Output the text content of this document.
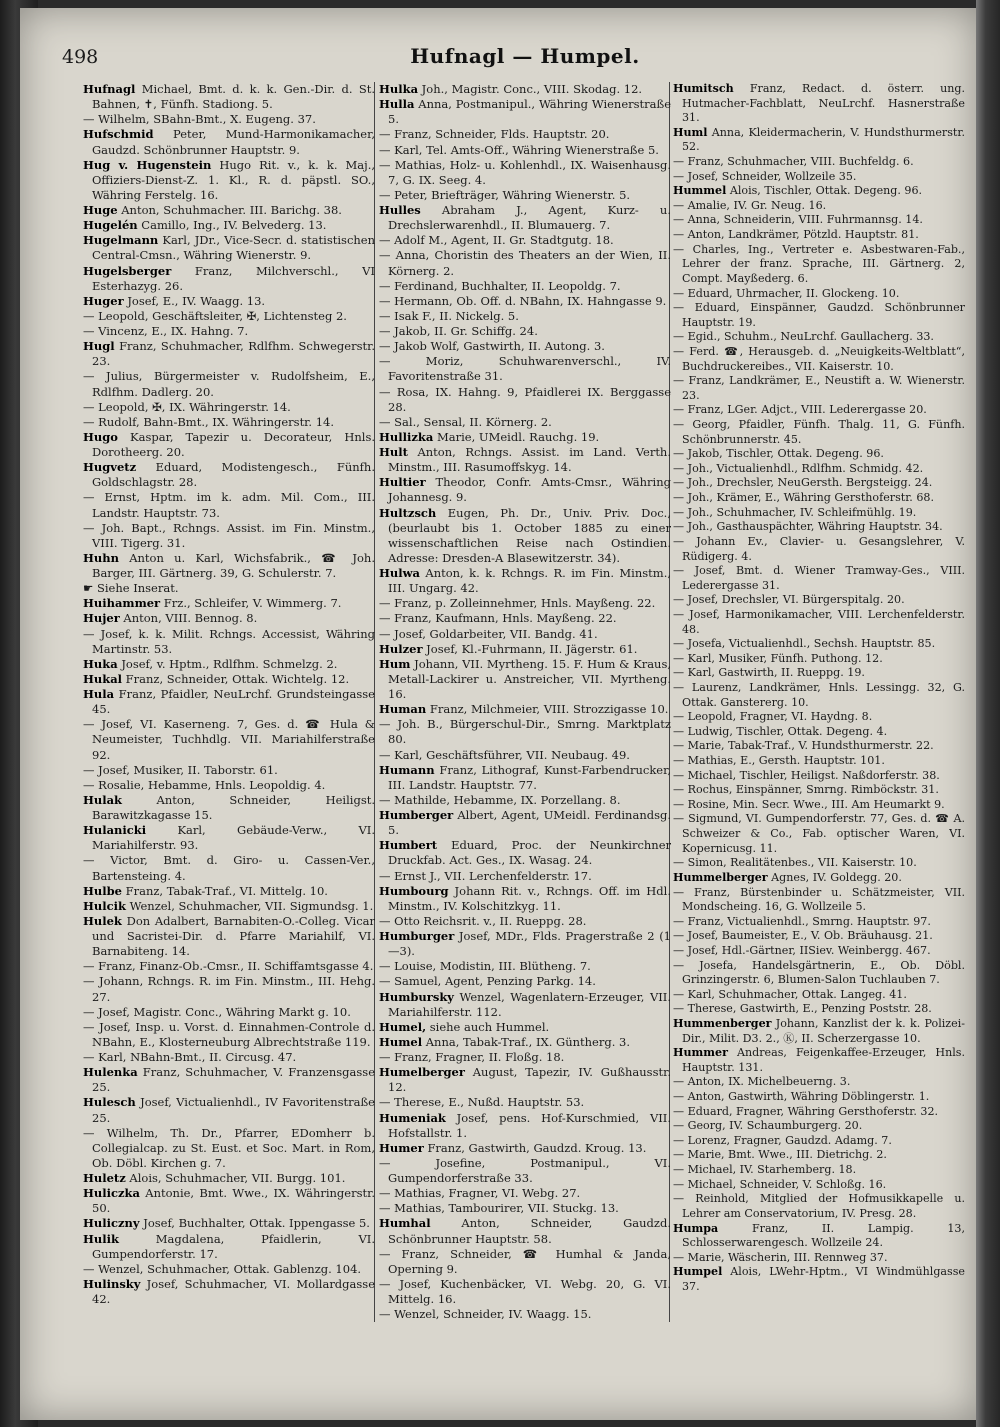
498	Hufnagl — Humpel.

Hufnagl Michael, Bmt. d. k. k. Gen.-Dir. d. St. Bahnen, ✝, Fünfh. Stadiong. 5.

— Wilhelm, SBahn-Bmt., X. Eugeng. 37.

Hufschmid Peter, Mund-Harmonikamacher, Gaudzd. Schönbrunner Hauptstr. 9.

Hug v. Hugenstein Hugo Rit. v., k. k. Maj., Offiziers-Dienst-Z. 1. Kl., R. d. päpstl. SO., Währing Ferstelg. 16.

Huge Anton, Schuhmacher. III. Barichg. 38.

Hugelén Camillo, Ing., IV. Belvederg. 13.

Hugelmann Karl, JDr., Vice-Secr. d. statistischen Central-Cmsn., Währing Wienerstr. 9.

Hugelsberger Franz, Milchverschl., VI Esterhazyg. 26.

Huger Josef, E., IV. Waagg. 13.

— Leopold, Geschäftsleiter, ✠, Lichtensteg 2.

— Vincenz, E., IX. Hahng. 7.

Hugl Franz, Schuhmacher, Rdlfhm. Schwegerstr. 23.

— Julius, Bürgermeister v. Rudolfsheim, E., Rdlfhm. Dadlerg. 20.

— Leopold, ✠, IX. Währingerstr. 14.

— Rudolf, Bahn-Bmt., IX. Währingerstr. 14.

Hugo Kaspar, Tapezir u. Decorateur, Hnls. Dorotheerg. 20.

Hugvetz Eduard, Modistengesch., Fünfh. Goldschlagstr. 28.

— Ernst, Hptm. im k. adm. Mil. Com., III. Landstr. Hauptstr. 73.

— Joh. Bapt., Rchngs. Assist. im Fin. Minstm., VIII. Tigerg. 31.

Huhn Anton u. Karl, Wichsfabrik., ☎ Joh. Barger, III. Gärtnerg. 39, G. Schulerstr. 7.

☛ Siehe Inserat.

Huihammer Frz., Schleifer, V. Wimmerg. 7.

Hujer Anton, VIII. Bennog. 8.

— Josef, k. k. Milit. Rchngs. Accessist, Währing Martinstr. 53.

Huka Josef, v. Hptm., Rdlfhm. Schmelzg. 2.

Hukal Franz, Schneider, Ottak. Wichtelg. 12.

Hula Franz, Pfaidler, NeuLrchf. Grundsteingasse 45.

— Josef, VI. Kaserneng. 7, Ges. d. ☎ Hula & Neumeister, Tuchhdlg. VII. Mariahilferstraße 92.

— Josef, Musiker, II. Taborstr. 61.

— Rosalie, Hebamme, Hnls. Leopoldig. 4.

Hulak	Anton, Schneider, Heiligst. Barawitzkagasse 15.

Hulanicki	Karl, Gebäude-Verw., VI. Mariahilferstr. 93.

— Victor, Bmt. d. Giro- u. Cassen-Ver., Bartensteing. 4.

Hulbe Franz, Tabak-Traf., VI. Mittelg. 10.

Hulcik Wenzel, Schuhmacher, VII. Sigmundsg. 1.

Hulek Don Adalbert, Barnabiten-O.-Colleg. Vicar und Sacristei-Dir. d. Pfarre Mariahilf, VI. Barnabiteng. 14.

— Franz, Finanz-Ob.-Cmsr., II. Schiffamtsgasse 4.

— Johann, Rchngs. R. im Fin. Minstm., III. Hehg. 27.

— Josef, Magistr. Conc., Währing Markt g. 10.

— Josef, Insp. u. Vorst. d. Einnahmen-Controle d. NBahn, E., Klosterneuburg Albrechtstraße 119.

— Karl, NBahn-Bmt., II. Circusg. 47.

Hulenka Franz, Schuhmacher, V. Franzensgasse 25.

Hulesch Josef, Victualienhdl., IV Favoritenstraße 25.

— Wilhelm, Th. Dr., Pfarrer, EDomherr b. Collegialcap. zu St. Eust. et Soc. Mart. in Rom, Ob. Döbl. Kirchen g. 7.

Huletz Alois, Schuhmacher, VII. Burgg. 101.

Huliczka Antonie, Bmt. Wwe., IX. Währingerstr. 50.

Huliczny Josef, Buchhalter, Ottak. Ippengasse 5.

Hulik	Magdalena, Pfaidlerin, VI. Gumpendorferstr. 17.

— Wenzel, Schuhmacher, Ottak. Gablenzg. 104.

Hulinsky Josef, Schuhmacher, VI. Mollardgasse 42.

Hulka Joh., Magistr. Conc., VIII. Skodag. 12.

Hulla Anna, Postmanipul., Währing Wienerstraße 5.

— Franz, Schneider, Flds. Hauptstr. 20.

— Karl, Tel. Amts-Off., Währing Wienerstraße 5.

— Mathias, Holz- u. Kohlenhdl., IX. Waisenhausg. 7, G. IX. Seeg. 4.

— Peter, Briefträger, Währing Wienerstr. 5.

Hulles Abraham J., Agent, Kurz- u. Drechslerwarenhdl., II. Blumauerg. 7.

— Adolf M., Agent, II. Gr. Stadtgutg. 18.

— Anna, Choristin des Theaters an der Wien, II. Körnerg. 2.

— Ferdinand, Buchhalter, II. Leopoldg. 7.

— Hermann, Ob. Off. d. NBahn, IX. Hahngasse 9.

— Isak F., II. Nickelg. 5.

— Jakob, II. Gr. Schiffg. 24.

— Jakob Wolf, Gastwirth, II. Autong. 3.

— Moriz, Schuhwarenverschl., IV. Favoritenstraße 31.

— Rosa, IX. Hahng. 9, Pfaidlerei IX. Berggasse 28.

— Sal., Sensal, II. Körnerg. 2.

Hullizka Marie, UMeidl. Rauchg. 19.

Hult Anton, Rchngs. Assist. im Land. Verth. Minstm., III. Rasumoffskyg. 14.

Hultier Theodor, Confr. Amts-Cmsr., Währing Johannesg. 9.

Hultzsch Eugen, Ph. Dr., Univ. Priv. Doc., (beurlaubt bis 1. October 1885 zu einer wissenschaftlichen Reise nach Ostindien. Adresse: Dresden-A Blasewitzerstr. 34).

Hulwa Anton, k. k. Rchngs. R. im Fin. Minstm., III. Ungarg. 42.

— Franz, p. Zolleinnehmer, Hnls. Mayßeng. 22.

— Franz, Kaufmann, Hnls. Mayßeng. 22.

— Josef, Goldarbeiter, VII. Bandg. 41.

Hulzer Josef, Kl.-Fuhrmann, II. Jägerstr. 61.

Hum Johann, VII. Myrtheng. 15. F. Hum & Kraus, Metall-Lackirer u. Anstreicher, VII. Myrtheng. 16.

Human Franz, Milchmeier, VIII. Strozzigasse 10.

— Joh. B., Bürgerschul-Dir., Smrng. Marktplatz 80.

— Karl, Geschäftsführer, VII. Neubaug. 49.

Humann Franz, Lithograf, Kunst-Farbendrucker, III. Landstr. Hauptstr. 77.

— Mathilde, Hebamme, IX. Porzellang. 8.

Humberger Albert, Agent, UMeidl. Ferdinandsg. 5.

Humbert Eduard, Proc. der Neunkirchner Druckfab. Act. Ges., IX. Wasag. 24.

— Ernst J., VII. Lerchenfelderstr. 17.

Humbourg Johann Rit. v., Rchngs. Off. im Hdl. Minstm., IV. Kolschitzkyg. 11.

— Otto Reichsrit. v., II. Rueppg. 28.

Humburger Josef, MDr., Flds. Pragerstraße 2 (1—3).

— Louise, Modistin, III. Blütheng. 7.

— Samuel, Agent, Penzing Parkg. 14.

Humbursky Wenzel, Wagenlatern-Erzeuger, VII. Mariahilferstr. 112.

Humel, siehe auch Hummel.

Humel Anna, Tabak-Traf., IX. Güntherg. 3.

— Franz, Fragner, II. Floßg. 18.

Humelberger August, Tapezir, IV. Gußhausstr. 12.

— Therese, E., Nußd. Hauptstr. 53.

Humeniak Josef, pens. Hof-Kurschmied, VII. Hofstallstr. 1.

Humer Franz, Gastwirth, Gaudzd. Kroug. 13.

— Josefine, Postmanipul., VI. Gumpendorferstraße 33.

— Mathias, Fragner, VI. Webg. 27.

— Mathias, Tambourirer, VII. Stuckg. 13.

Humhal	Anton, Schneider, Gaudzd. Schönbrunner Hauptstr. 58.

— Franz, Schneider, ☎ Humhal & Janda, Operning 9.

— Josef, Kuchenbäcker, VI. Webg. 20, G. VI. Mittelg. 16.

— Wenzel, Schneider, IV. Waagg. 15.

Humitsch Franz, Redact. d. österr. ung. Hutmacher-Fachblatt, NeuLrchf. Hasnerstraße 31.

Huml Anna, Kleidermacherin, V. Hundsthurmerstr. 52.

— Franz, Schuhmacher, VIII. Buchfeldg. 6.

— Josef, Schneider, Wollzeile 35.

Hummel Alois, Tischler, Ottak. Degeng. 96.

— Amalie, IV. Gr. Neug. 16.

— Anna, Schneiderin, VIII. Fuhrmannsg. 14.

— Anton, Landkrämer, Pötzld. Hauptstr. 81.

— Charles, Ing., Vertreter e. Asbestwaren-Fab., Lehrer der franz. Sprache, III. Gärtnerg. 2, Compt. Mayßederg. 6.

— Eduard, Uhrmacher, II. Glockeng. 10.

— Eduard, Einspänner, Gaudzd. Schönbrunner Hauptstr. 19.

— Egid., Schuhm., NeuLrchf. Gaullacherg. 33.

— Ferd. ☎, Herausgeb. d. „Neuigkeits-Weltblatt“, Buchdruckereibes., VII. Kaiserstr. 10.

— Franz, Landkrämer, E., Neustift a. W. Wienerstr. 23.

— Franz, LGer. Adjct., VIII. Lederergasse 20.

— Georg, Pfaidler, Fünfh. Thalg. 11, G. Fünfh. Schönbrunnerstr. 45.

— Jakob, Tischler, Ottak. Degeng. 96.

— Joh., Victualienhdl., Rdlfhm. Schmidg. 42.

— Joh., Drechsler, NeuGersth. Bergsteigg. 24.

— Joh., Krämer, E., Währing Gersthoferstr. 68.

— Joh., Schuhmacher, IV. Schleifmühlg. 19.

— Joh., Gasthauspächter, Währing Hauptstr. 34.

— Johann Ev., Clavier- u. Gesangslehrer, V. Rüdigerg. 4.

— Josef, Bmt. d. Wiener Tramway-Ges., VIII. Lederergasse 31.

— Josef, Drechsler, VI. Bürgerspitalg. 20.

— Josef, Harmonikamacher, VIII. Lerchenfelderstr. 48.

— Josefa, Victualienhdl., Sechsh. Hauptstr. 85.

— Karl, Musiker, Fünfh. Puthong. 12.

— Karl, Gastwirth, II. Rueppg. 19.

— Laurenz, Landkrämer, Hnls. Lessingg. 32, G. Ottak. Ganstererg. 10.

— Leopold, Fragner, VI. Haydng. 8.

— Ludwig, Tischler, Ottak. Degeng. 4.

— Marie, Tabak-Traf., V. Hundsthurmerstr. 22.

— Mathias, E., Gersth. Hauptstr. 101.

— Michael, Tischler, Heiligst. Naßdorferstr. 38.

— Rochus, Einspänner, Smrng. Rimböckstr. 31.

— Rosine, Min. Secr. Wwe., III. Am Heumarkt 9.

— Sigmund, VI. Gumpendorferstr. 77, Ges. d. ☎ A. Schweizer & Co., Fab. optischer Waren, VI. Kopernicusg. 11.

— Simon, Realitätenbes., VII. Kaiserstr. 10.

Hummelberger Agnes, IV. Goldegg. 20.

— Franz, Bürstenbinder u. Schätzmeister, VII. Mondscheing. 16, G. Wollzeile 5.

— Franz, Victualienhdl., Smrng. Hauptstr. 97.

— Josef, Baumeister, E., V. Ob. Bräuhausg. 21.

— Josef, Hdl.-Gärtner, IISiev. Weinbergg. 467.

— Josefa, Handelsgärtnerin, E., Ob. Döbl. Grinzingerstr. 6, Blumen-Salon Tuchlauben 7.

— Karl, Schuhmacher, Ottak. Langeg. 41.

— Therese, Gastwirth, E., Penzing Poststr. 28.

Hummenberger Johann, Kanzlist der k. k. Polizei-Dir., Milit. D3. 2., Ⓚ, II. Scherzergasse 10.

Hummer Andreas, Feigenkaffee-Erzeuger, Hnls. Hauptstr. 131.

— Anton, IX. Michelbeuerng. 3.

— Anton, Gastwirth, Währing Döblingerstr. 1.

— Eduard, Fragner, Währing Gersthoferstr. 32.

— Georg, IV. Schaumburgerg. 20.

— Lorenz, Fragner, Gaudzd. Adamg. 7.

— Marie, Bmt. Wwe., III. Dietrichg. 2.

— Michael, IV. Starhemberg. 18.

— Michael, Schneider, V. Schloßg. 16.

— Reinhold, Mitglied der Hofmusikkapelle u. Lehrer am Conservatorium, IV. Presg. 28.

Humpa	Franz, II. Lampig. 13, Schlosserwarengesch. Wollzeile 24.

— Marie, Wäscherin, III. Rennweg 37.

Humpel Alois, LWehr-Hptm., VI Windmühlgasse 37.
